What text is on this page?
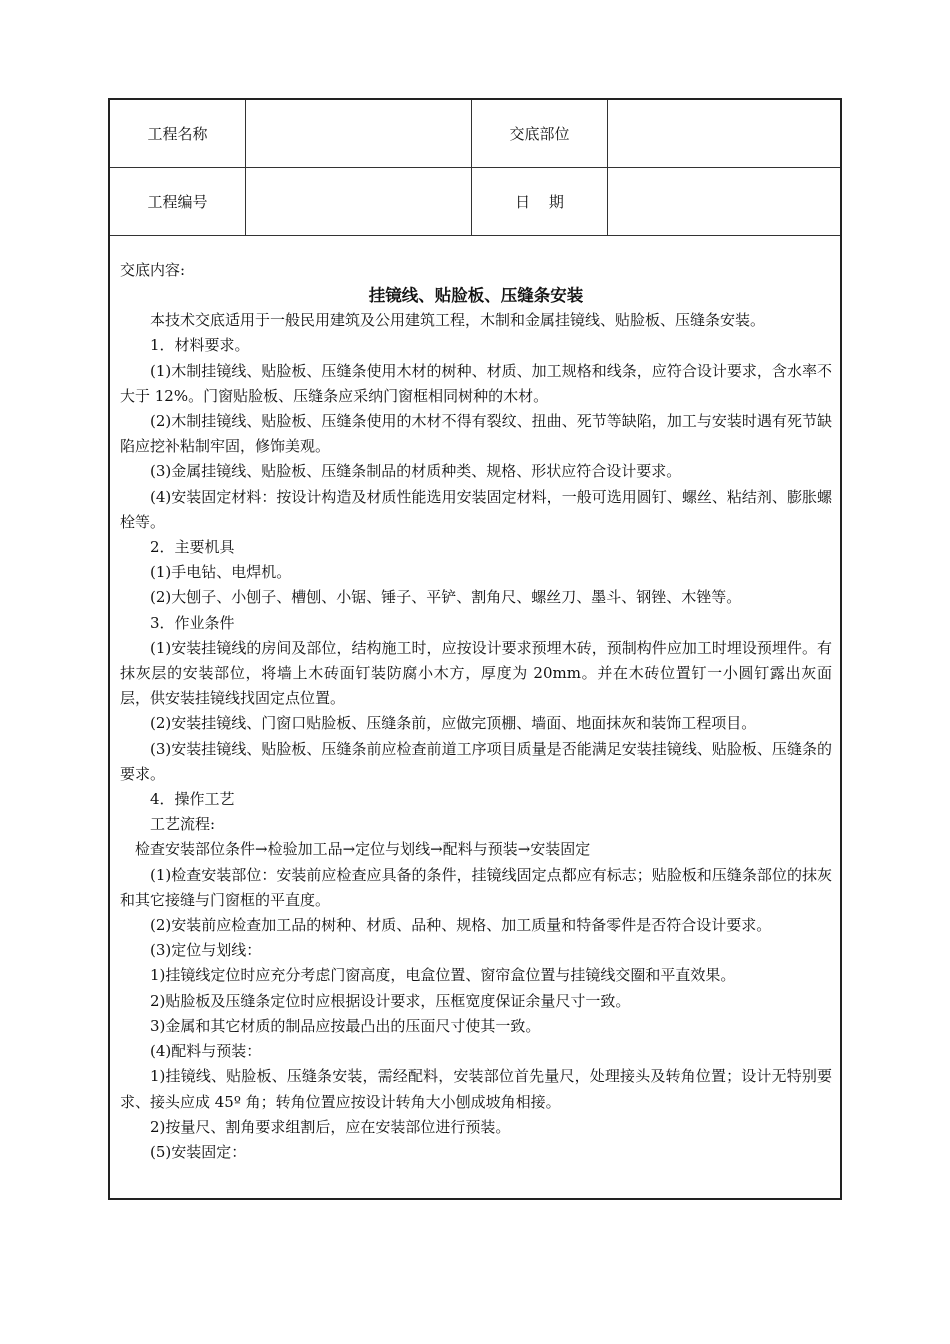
工程名称	交底部位
工程编号	日 期

交底内容:

挂镜线、贴脸板、压缝条安装

本技术交底适用于一般民用建筑及公用建筑工程，木制和金属挂镜线、贴脸板、压缝条安装。

1．材料要求。

(1)木制挂镜线、贴脸板、压缝条使用木材的树种、材质、加工规格和线条，应符合设计要求，含水率不大于 12%。门窗贴脸板、压缝条应采纳门窗框相同树种的木材。

(2)木制挂镜线、贴脸板、压缝条使用的木材不得有裂纹、扭曲、死节等缺陷，加工与安装时遇有死节缺陷应挖补粘制牢固，修饰美观。

(3)金属挂镜线、贴脸板、压缝条制品的材质种类、规格、形状应符合设计要求。

(4)安装固定材料：按设计构造及材质性能选用安装固定材料，一般可选用圆钉、螺丝、粘结剂、膨胀螺栓等。

2．主要机具

(1)手电钻、电焊机。

(2)大刨子、小刨子、槽刨、小锯、锤子、平铲、割角尺、螺丝刀、墨斗、钢锉、木锉等。

3．作业条件

(1)安装挂镜线的房间及部位，结构施工时，应按设计要求预埋木砖，预制构件应加工时埋设预埋件。有抹灰层的安装部位，将墙上木砖面钉装防腐小木方，厚度为 20mm。并在木砖位置钉一小圆钉露出灰面层，供安装挂镜线找固定点位置。

(2)安装挂镜线、门窗口贴脸板、压缝条前，应做完顶棚、墙面、地面抹灰和装饰工程项目。

(3)安装挂镜线、贴脸板、压缝条前应检查前道工序项目质量是否能满足安装挂镜线、贴脸板、压缝条的要求。

4．操作工艺

工艺流程:

检查安装部位条件→检验加工品→定位与划线→配料与预装→安装固定

(1)检查安装部位：安装前应检查应具备的条件，挂镜线固定点都应有标志；贴脸板和压缝条部位的抹灰和其它接缝与门窗框的平直度。

(2)安装前应检查加工品的树种、材质、品种、规格、加工质量和特备零件是否符合设计要求。

(3)定位与划线：

1)挂镜线定位时应充分考虑门窗高度，电盒位置、窗帘盒位置与挂镜线交圈和平直效果。

2)贴脸板及压缝条定位时应根据设计要求，压框宽度保证余量尺寸一致。

3)金属和其它材质的制品应按最凸出的压面尺寸使其一致。

(4)配料与预装：

1)挂镜线、贴脸板、压缝条安装，需经配料，安装部位首先量尺，处理接头及转角位置；设计无特别要求、接头应成 45º 角；转角位置应按设计转角大小刨成坡角相接。

2)按量尺、割角要求组割后，应在安装部位进行预装。

(5)安装固定：
